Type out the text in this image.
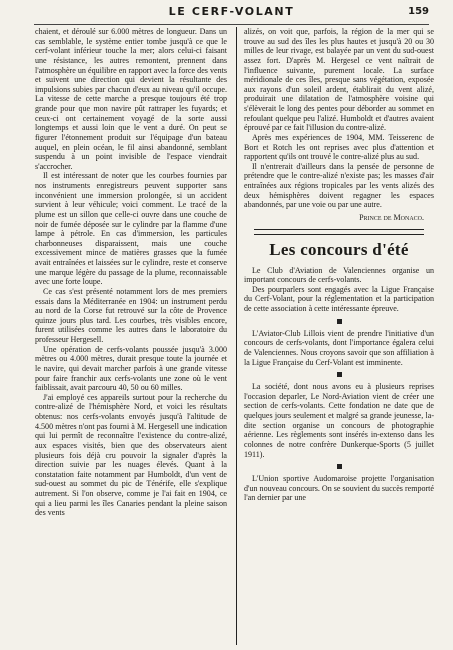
LE CERF-VOLANT	159

chaient, et déroulé sur 6.000 mètres de longueur. Dans un cas semblable, le système entier tombe jusqu'à ce que le cerf-volant inférieur touche la mer; alors celui-ci faisant une résistance, les autres remontent, prennent dans l'atmosphère un équilibre en rapport avec la force des vents et suivent une direction qui devient la résultante des impulsions subies par chacun d'eux au niveau qu'il occupe. La vitesse de cette marche a presque toujours été trop grande pour que mon navire pût rattraper les fuyards; et ceux-ci ont certainement voyagé de la sorte aussi longtemps et aussi loin que le vent a duré. On peut se figurer l'étonnement produit sur l'équipage d'un bateau auquel, en plein océan, le fil ainsi abandonné, semblant suspendu à un point invisible de l'espace viendrait s'accrocher.

Il est intéressant de noter que les courbes fournies par nos instruments enregistreurs peuvent supporter sans inconvénient une immersion prolongée, si un accident survient à leur véhicule; voici comment. Le tracé de la plume est un sillon que celle-ci ouvre dans une couche de noir de fumée déposée sur le cylindre par la flamme d'une lampe à pétrole. En cas d'immersion, les particules charbonneuses disparaissent, mais une couche excessivement mince de matières grasses que la fumée avait entraînées et laissées sur le cylindre, reste et conserve une marque légère du passage de la plume, reconnaissable avec une forte loupe.

Ce cas s'est présenté notamment lors de mes premiers essais dans la Méditerranée en 1904: un instrument perdu au nord de la Corse fut retrouvé sur la côte de Provence quinze jours plus tard. Les courbes, très visibles encore, furent utilisées comme les autres dans le laboratoire du professeur Hergesell.

Une opération de cerfs-volants poussée jusqu'à 3.000 mètres ou 4.000 mètres, durait presque toute la journée et le navire, qui devait marcher parfois à une grande vitesse pour faire franchir aux cerfs-volants une zone où le vent faiblissait, avait parcouru 40, 50 ou 60 milles.

J'ai employé ces appareils surtout pour la recherche du contre-alizé de l'hémisphère Nord, et voici les résultats obtenus: nos cerfs-volants envoyés jusqu'à l'altitude de 4.500 mètres n'ont pas fourni à M. Hergesell une indication qui lui permît de reconnaître l'existence du contre-alizé, aux espaces visités, bien que des observateurs aient plusieurs fois déjà cru pouvoir la signaler d'après la direction suivie par les nuages élevés. Quant à la constatation faite notamment par Humboldt, d'un vent de sud-ouest au sommet du pic de Ténérife, elle s'explique autrement. Si l'on observe, comme je l'ai fait en 1904, ce qui a lieu parmi les îles Canaries pendant la pleine saison des vents

alizés, on voit que, parfois, la région de la mer qui se trouve au sud des îles les plus hautes et jusqu'à 20 ou 30 milles de leur rivage, est balayée par un vent du sud-ouest assez fort. D'après M. Hergesel ce vent naîtrait de l'influence suivante, purement locale. La surface méridionale de ces îles, presque sans végétation, exposée aux rayons d'un soleil ardent, établirait du vent alizé, produirait une dilatation de l'atmosphère voisine qui s'élèverait le long des pentes pour déborder au sommet en refoulant quelque peu l'alizé. Humboldt et d'autres avaient éprouvé par ce fait l'illusion du contre-alizé.

Après mes expériences de 1904, MM. Teisserenc de Bort et Rotch les ont reprises avec plus d'attention et rapportent qu'ils ont trouvé le contre-alizé plus au sud.

Il n'entrerait d'ailleurs dans la pensée de personne de prétendre que le contre-alizé n'existe pas; les masses d'air entraînées aux régions tropicales par les vents alizés des deux hémisphères doivent regagner les espaces abandonnés, par une voie ou par une autre.

Prince de Monaco.
Les concours d'été

Le Club d'Aviation de Valenciennes organise un important concours de cerfs-volants.

Des pourparlers sont engagés avec la Ligue Française du Cerf-Volant, pour la réglementation et la participation de cette association à cette intéressante épreuve.

L'Aviator-Club Lillois vient de prendre l'initiative d'un concours de cerfs-volants, dont l'importance égalera celui de Valenciennes. Nous croyons savoir que son affiliation à la Ligue Française du Cerf-Volant est imminente.

La société, dont nous avons eu à plusieurs reprises l'occasion deparler, Le Nord-Aviation vient de créer une section de cerfs-volants. Cette fondation ne date que de quelques jours seulement et malgré sa grande jeunesse, la-dite section organise un concours de photographie aérienne. Les règlements sont insérés in-extenso dans les colonnes de notre confrère Dunkerque-Sports (5 juillet 1911).

L'Union sportive Audomaroise projette l'organisation d'un nouveau concours. On se souvient du succès remporté l'an dernier par une
